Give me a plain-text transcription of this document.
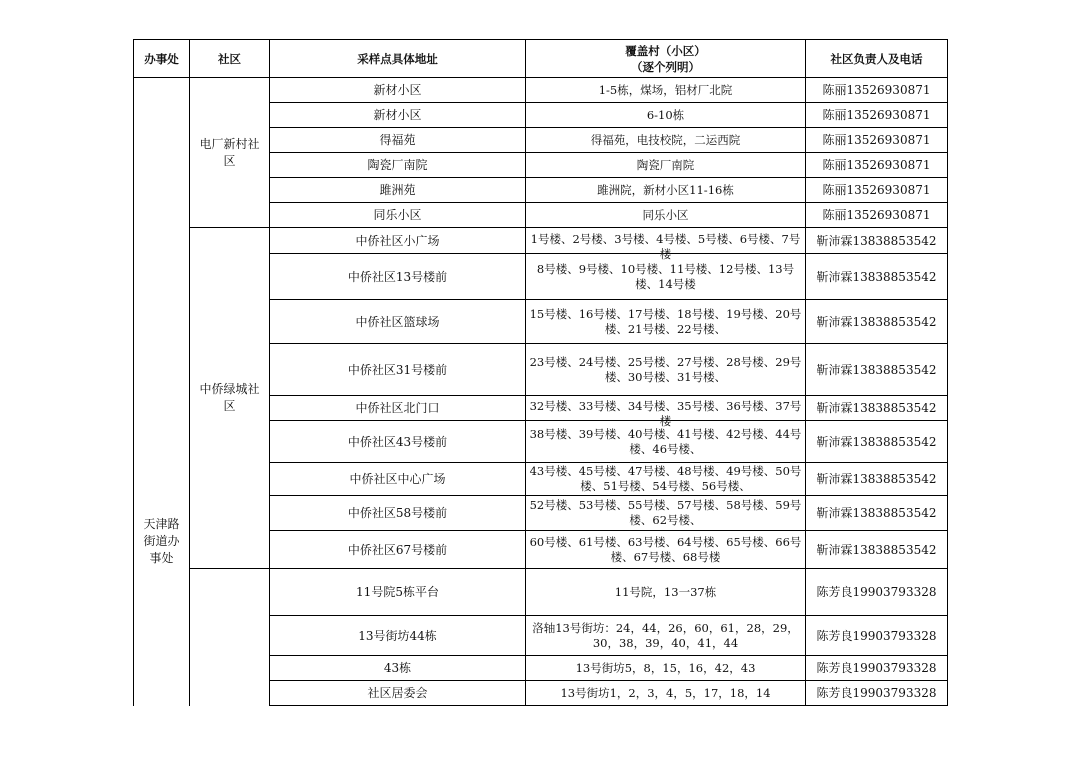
办事处	社区	采样点具体地址	覆盖村（小区）
（逐个列明）	社区负责人及电话

天津路街道办事处	电厂新村社区	新材小区	1-5栋，煤场，铝材厂北院	陈丽13526930871
		新材小区	6-10栋	陈丽13526930871
		得福苑	得福苑，电技校院，二运西院	陈丽13526930871
		陶瓷厂南院	陶瓷厂南院	陈丽13526930871
		雎洲苑	雎洲院，新材小区11-16栋	陈丽13526930871
		同乐小区	同乐小区	陈丽13526930871

	中侨绿城社区	中侨社区小广场	1号楼、2号楼、3号楼、4号楼、5号楼、6号楼、7号楼	靳沛霖13838853542
		中侨社区13号楼前	8号楼、9号楼、10号楼、11号楼、12号楼、13号楼、14号楼	靳沛霖13838853542
		中侨社区篮球场	15号楼、16号楼、17号楼、18号楼、19号楼、20号楼、21号楼、22号楼、	靳沛霖13838853542
		中侨社区31号楼前	23号楼、24号楼、25号楼、27号楼、28号楼、29号楼、30号楼、31号楼、	靳沛霖13838853542
		中侨社区北门口	32号楼、33号楼、34号楼、35号楼、36号楼、37号楼	靳沛霖13838853542
		中侨社区43号楼前	38号楼、39号楼、40号楼、41号楼、42号楼、44号楼、46号楼、	靳沛霖13838853542
		中侨社区中心广场	43号楼、45号楼、47号楼、48号楼、49号楼、50号楼、51号楼、54号楼、56号楼、	靳沛霖13838853542
		中侨社区58号楼前	52号楼、53号楼、55号楼、57号楼、58号楼、59号楼、62号楼、	靳沛霖13838853542
		中侨社区67号楼前	60号楼、61号楼、63号楼、64号楼、65号楼、66号楼、67号楼、68号楼	靳沛霖13838853542

		11号院5栋平台	11号院，13一37栋	陈芳良19903793328
		13号街坊44栋	洛轴13号街坊：24，44，26，60，61，28，29，30，38，39，40，41，44	陈芳良19903793328
		43栋	13号街坊5，8，15，16，42，43	陈芳良19903793328
		社区居委会	13号街坊1，2，3，4，5，17，18，14	陈芳良19903793328
